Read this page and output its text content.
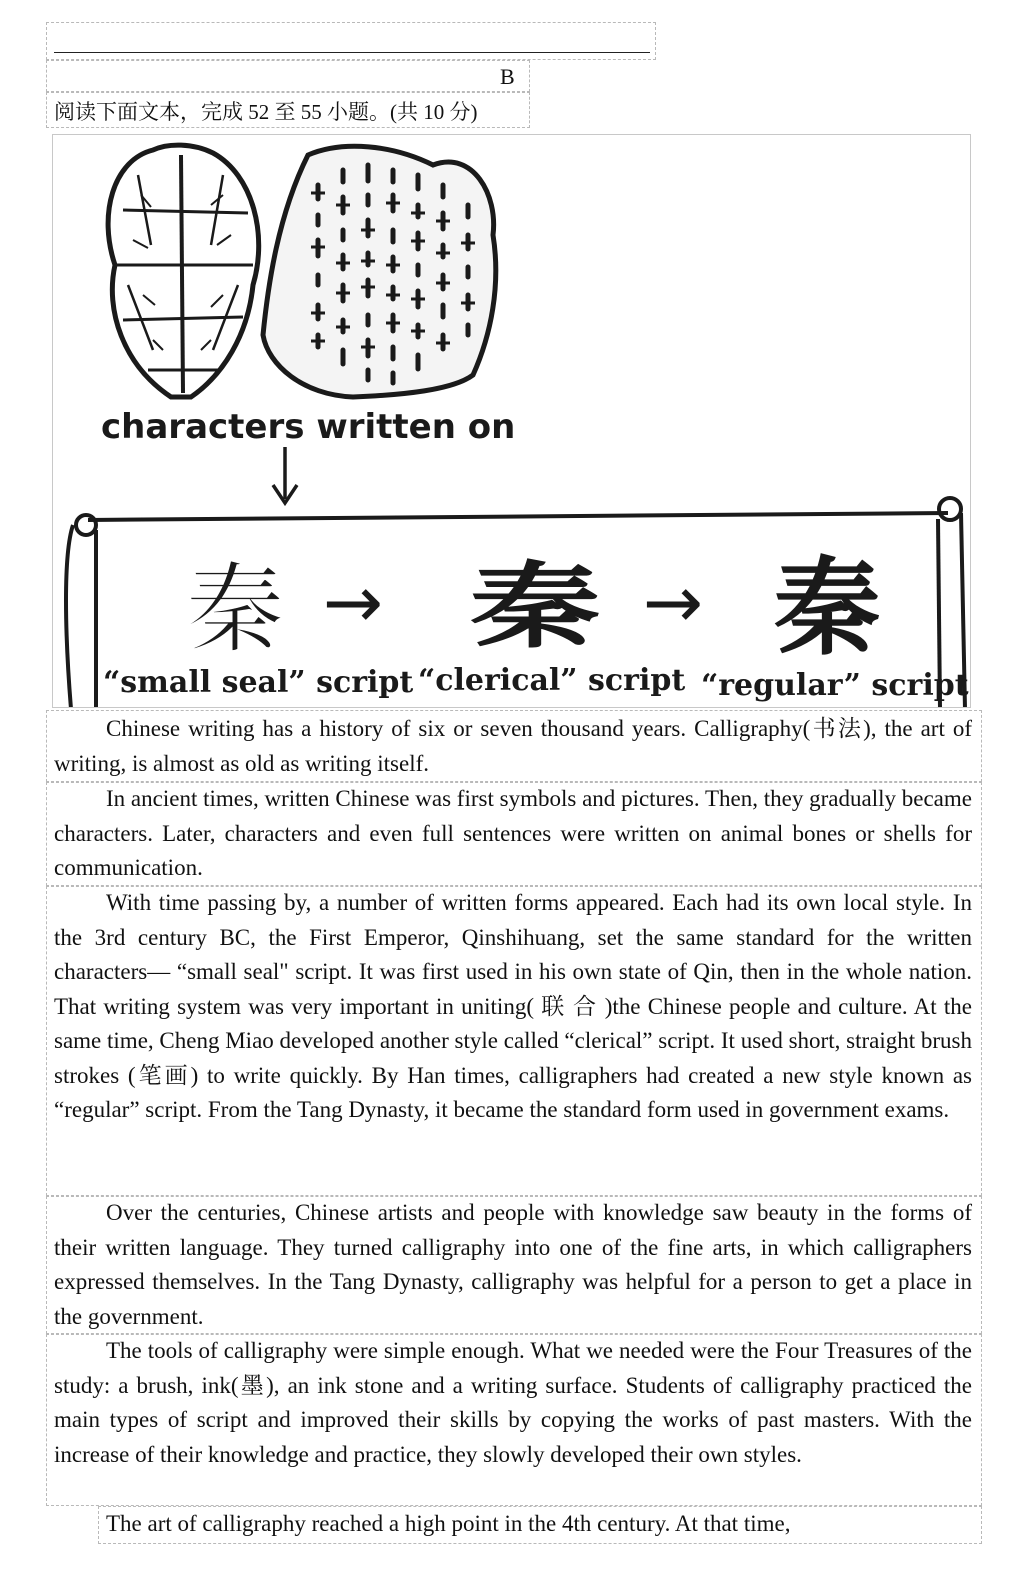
B
阅读下面文本，完成 52 至 55 小题。(共 10 分)
characters written on
秦 → 秦 → 秦
“small seal” script “clerical” script “regular” script

Chinese writing has a history of six or seven thousand years. Calligraphy(书法), the art of writing, is almost as old as writing itself.

In ancient times, written Chinese was first symbols and pictures. Then, they gradually became characters. Later, characters and even full sentences were written on animal bones or shells for communication.

With time passing by, a number of written forms appeared. Each had its own local style. In the 3rd century BC, the First Emperor, Qinshihuang, set the same standard for the written characters— “small seal" script. It was first used in his own state of Qin, then in the whole nation. That writing system was very important in uniting( 联 合 )the Chinese people and culture. At the same time, Cheng Miao developed another style called “clerical” script. It used short, straight brush strokes (笔画) to write quickly. By Han times, calligraphers had created a new style known as “regular” script. From the Tang Dynasty, it became the standard form used in government exams.

Over the centuries, Chinese artists and people with knowledge saw beauty in the forms of their written language. They turned calligraphy into one of the fine arts, in which calligraphers expressed themselves. In the Tang Dynasty, calligraphy was helpful for a person to get a place in the government.

The tools of calligraphy were simple enough. What we needed were the Four Treasures of the study: a brush, ink(墨), an ink stone and a writing surface. Students of calligraphy practiced the main types of script and improved their skills by copying the works of past masters. With the increase of their knowledge and practice, they slowly developed their own styles.

The art of calligraphy reached a high point in the 4th century. At that time,
